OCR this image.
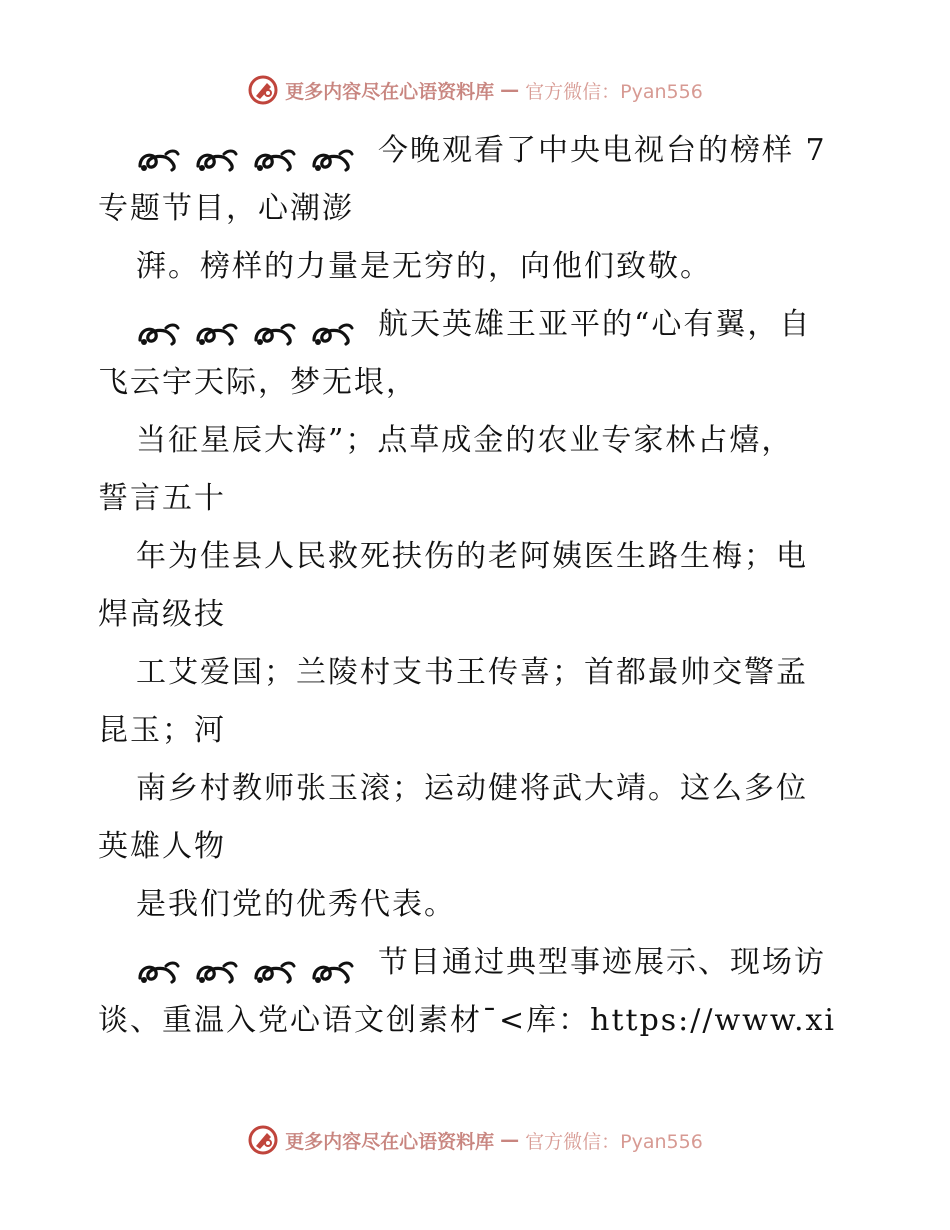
更多内容尽在心语资料库 — 官方微信：Pyan556
今晚观看了中央电视台的榜样 7
专题节目，心潮澎
湃。榜样的力量是无穷的，向他们致敬。
航天英雄王亚平的“心有翼，自
飞云宇天际，梦无垠，
当征星辰大海”；点草成金的农业专家林占熺，
誓言五十
年为佳县人民救死扶伤的老阿姨医生路生梅；电
焊高级技
工艾爱国；兰陵村支书王传喜；首都最帅交警孟
昆玉；河
南乡村教师张玉滚；运动健将武大靖。这么多位
英雄人物
是我们党的优秀代表。
节目通过典型事迹展示、现场访
谈、重温入党心语文创素材¯<库：https://www.xi
更多内容尽在心语资料库 — 官方微信：Pyan556
